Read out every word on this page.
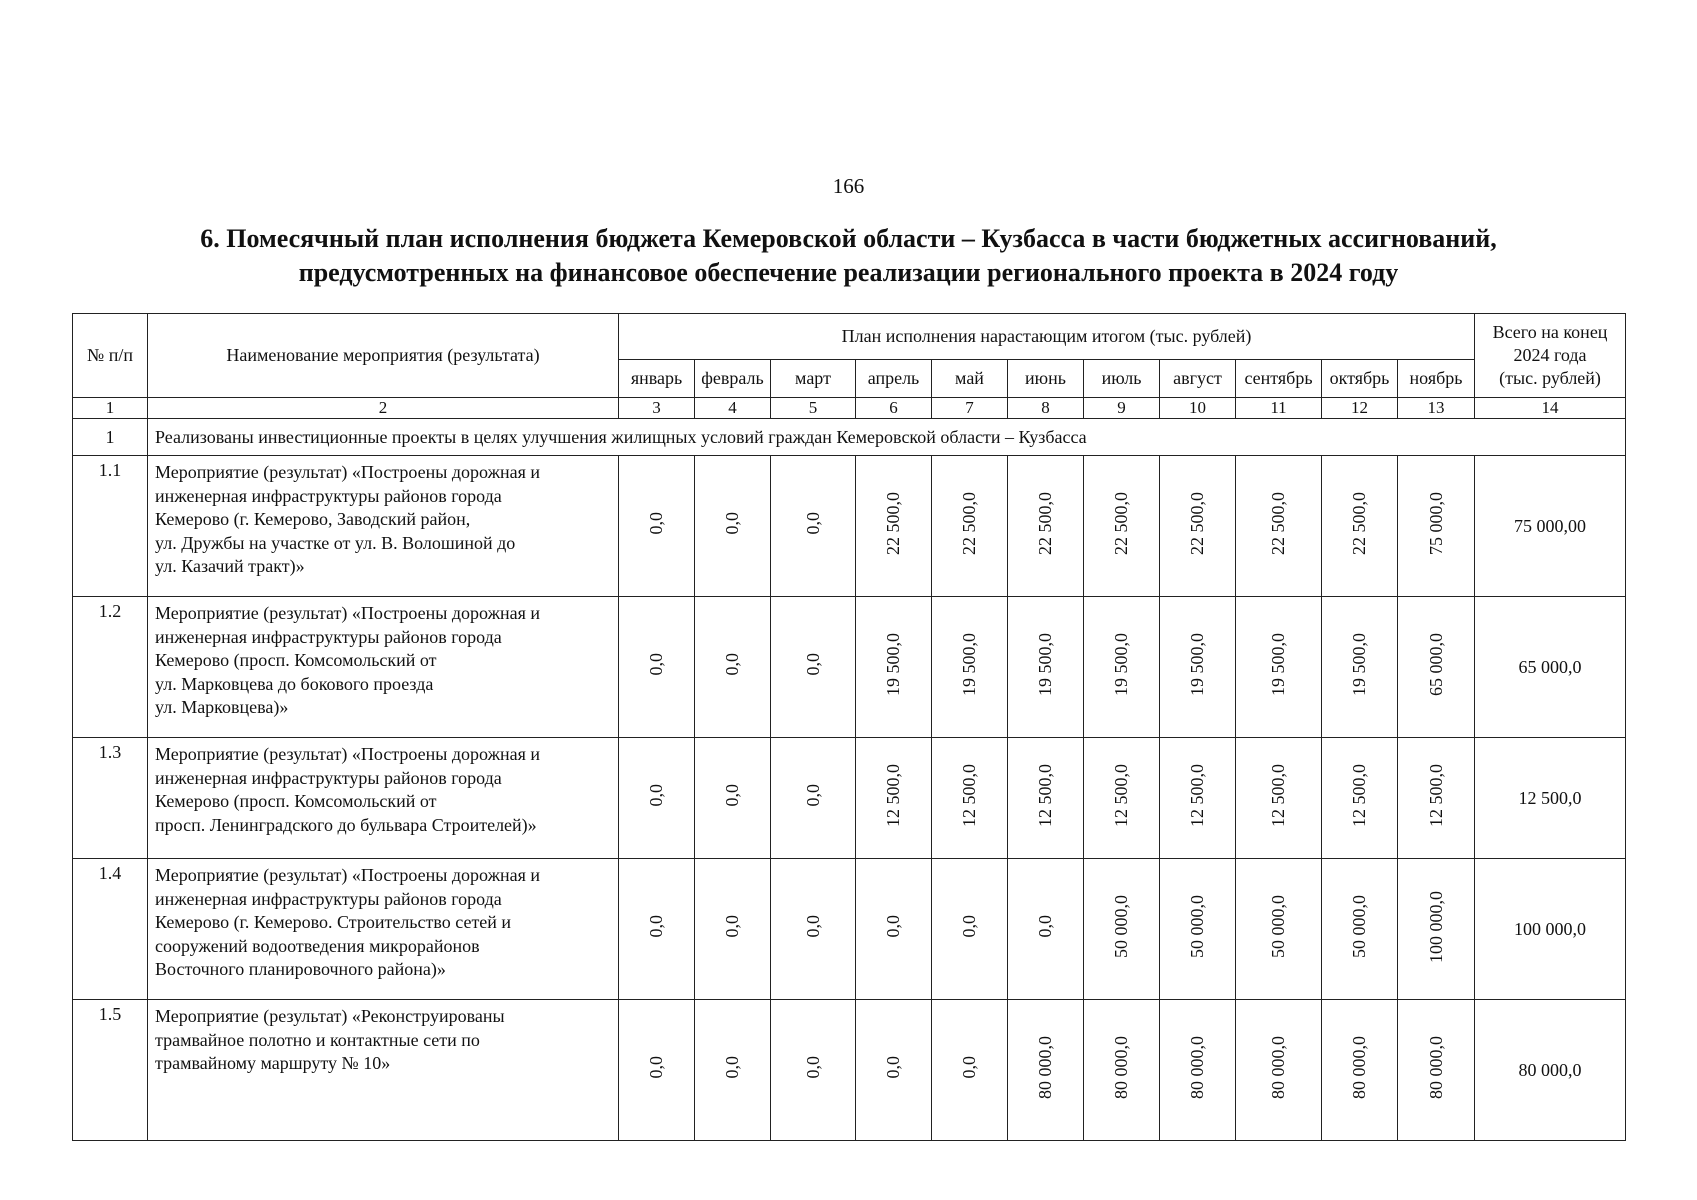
166
6. Помесячный план исполнения бюджета Кемеровской области – Кузбасса в части бюджетных ассигнований,
предусмотренных на финансовое обеспечение реализации регионального проекта в 2024 году
№ п/п	Наименование мероприятия (результата)	План исполнения нарастающим итогом (тыс. рублей)											Всего на конец
2024 года
(тыс. рублей)

		январь	февраль	март	апрель	май	июнь	июль	август	сентябрь	октябрь	ноябрь	
1	2	3	4	5	6	7	8	9	10	11	12	13	14
1	Реализованы инвестиционные проекты в целях улучшения жилищных условий граждан Кемеровской области – Кузбасса												
1.1	Мероприятие (результат) «Построены дорожная и
инженерная инфраструктуры районов города
Кемерово (г. Кемерово, Заводский район,
ул. Дружбы на участке от ул. В. Волошиной до
ул. Казачий тракт)»	0,0	0,0	0,0	22 500,0	22 500,0	22 500,0	22 500,0	22 500,0	22 500,0	22 500,0	75 000,0	75 000,00
1.2	Мероприятие (результат) «Построены дорожная и
инженерная инфраструктуры районов города
Кемерово (просп. Комсомольский от
ул. Марковцева до бокового проезда
ул. Марковцева)»	0,0	0,0	0,0	19 500,0	19 500,0	19 500,0	19 500,0	19 500,0	19 500,0	19 500,0	65 000,0	65 000,0
1.3	Мероприятие (результат) «Построены дорожная и
инженерная инфраструктуры районов города
Кемерово (просп. Комсомольский от
просп. Ленинградского до бульвара Строителей)»	0,0	0,0	0,0	12 500,0	12 500,0	12 500,0	12 500,0	12 500,0	12 500,0	12 500,0	12 500,0	12 500,0
1.4	Мероприятие (результат) «Построены дорожная и
инженерная инфраструктуры районов города
Кемерово (г. Кемерово. Строительство сетей и
сооружений водоотведения микрорайонов
Восточного планировочного района)»	0,0	0,0	0,0	0,0	0,0	0,0	50 000,0	50 000,0	50 000,0	50 000,0	100 000,0	100 000,0
1.5	Мероприятие (результат) «Реконструированы
трамвайное полотно и контактные сети по
трамвайному маршруту № 10»	0,0	0,0	0,0	0,0	0,0	80 000,0	80 000,0	80 000,0	80 000,0	80 000,0	80 000,0	80 000,0
